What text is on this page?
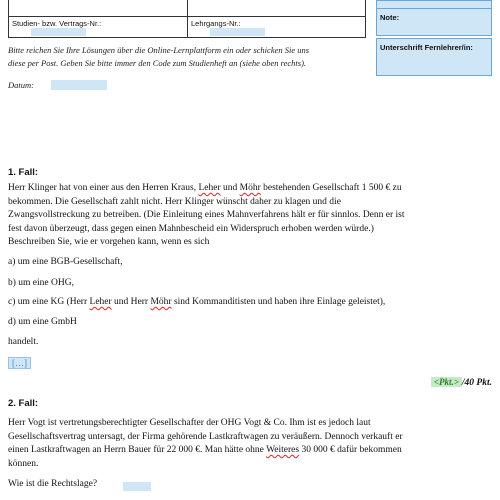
Studien- bzw. Vertrags-Nr.:	Lehrgangs-Nr.:
Note:
Unterschrift Fernlehrer/in:
Bitte reichen Sie Ihre Lösungen über die Online-Lernplattform ein oder schicken Sie uns
diese per Post. Geben Sie bitte immer den Code zum Studienheft an (siehe oben rechts).
Datum:
1. Fall:
Herr Klinger hat von einer aus den Herren Kraus, Leher und Möhr bestehenden Gesellschaft 1 500 € zu
bekommen. Die Gesellschaft zahlt nicht. Herr Klinger wünscht daher zu klagen und die
Zwangsvollstreckung zu betreiben. (Die Einleitung eines Mahnverfahrens hält er für sinnlos. Denn er ist
fest davon überzeugt, dass gegen einen Mahnbescheid ein Widerspruch erhoben werden würde.)
Beschreiben Sie, wie er vorgehen kann, wenn es sich
a) um eine BGB-Gesellschaft,
b) um eine OHG,
c) um eine KG (Herr Leher und Herr Möhr sind Kommanditisten und haben ihre Einlage geleistet),
d) um eine GmbH
handelt.
[…]
<Pkt.> /40 Pkt.
2. Fall:
Herr Vogt ist vertretungsberechtigter Gesellschafter der OHG Vogt & Co. Ihm ist es jedoch laut
Gesellschaftsvertrag untersagt, der Firma gehörende Lastkraftwagen zu veräußern. Dennoch verkauft er
einen Lastkraftwagen an Herrn Bauer für 22 000 €. Man hätte ohne Weiteres 30 000 € dafür bekommen
können.
Wie ist die Rechtslage?
